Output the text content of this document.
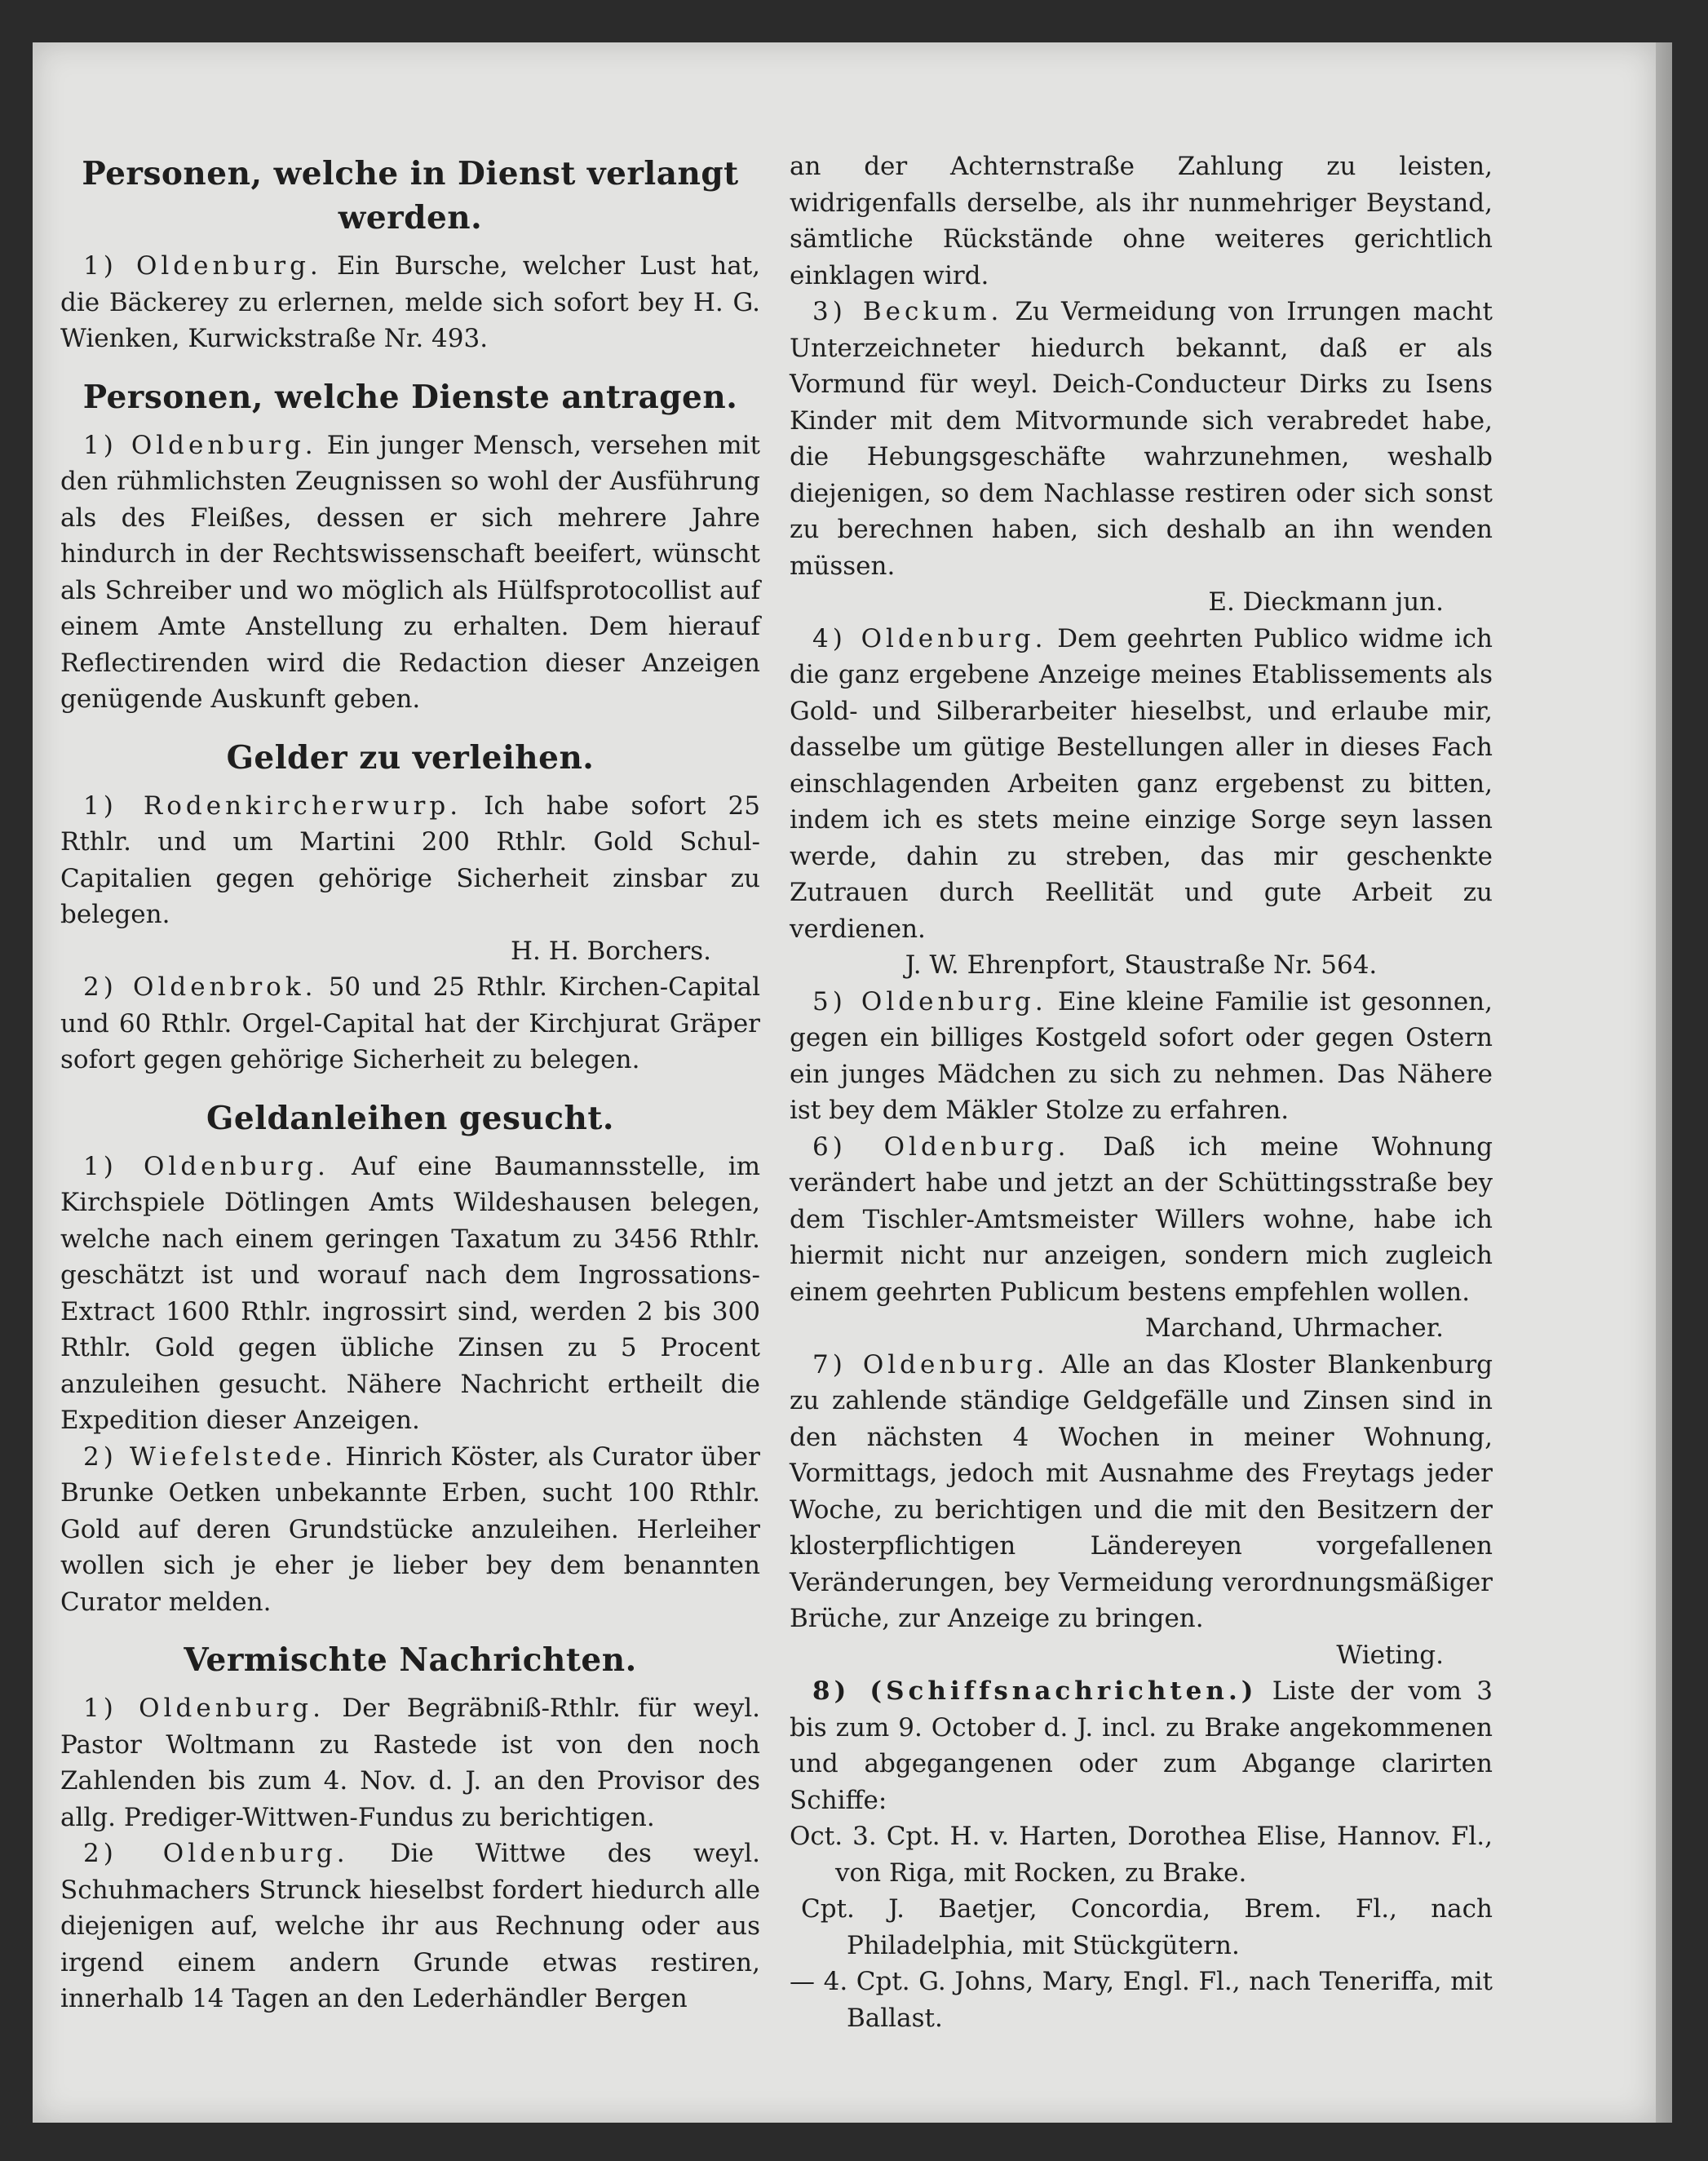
Personen, welche in Dienst verlangt werden.

1) Oldenburg. Ein Bursche, welcher Lust hat, die Bäckerey zu erlernen, melde sich sofort bey H. G. Wienken, Kurwickstraße Nr. 493.

Personen, welche Dienste antragen.

1) Oldenburg. Ein junger Mensch, versehen mit den rühmlichsten Zeugnissen so wohl der Ausführung als des Fleißes, dessen er sich mehrere Jahre hindurch in der Rechtswissenschaft beeifert, wünscht als Schreiber und wo möglich als Hülfsprotocollist auf einem Amte Anstellung zu erhalten. Dem hierauf Reflectirenden wird die Redaction dieser Anzeigen genügende Auskunft geben.

Gelder zu verleihen.

1) Rodenkircherwurp. Ich habe sofort 25 Rthlr. und um Martini 200 Rthlr. Gold Schul-Capitalien gegen gehörige Sicherheit zinsbar zu belegen.

H. H. Borchers.

2) Oldenbrok. 50 und 25 Rthlr. Kirchen-Capital und 60 Rthlr. Orgel-Capital hat der Kirchjurat Gräper sofort gegen gehörige Sicherheit zu belegen.

Geldanleihen gesucht.

1) Oldenburg. Auf eine Baumannsstelle, im Kirchspiele Dötlingen Amts Wildeshausen belegen, welche nach einem geringen Taxatum zu 3456 Rthlr. geschätzt ist und worauf nach dem Ingrossations-Extract 1600 Rthlr. ingrossirt sind, werden 2 bis 300 Rthlr. Gold gegen übliche Zinsen zu 5 Procent anzuleihen gesucht. Nähere Nachricht ertheilt die Expedition dieser Anzeigen.

2) Wiefelstede. Hinrich Köster, als Curator über Brunke Oetken unbekannte Erben, sucht 100 Rthlr. Gold auf deren Grundstücke anzuleihen. Herleiher wollen sich je eher je lieber bey dem benannten Curator melden.

Vermischte Nachrichten.

1) Oldenburg. Der Begräbniß-Rthlr. für weyl. Pastor Woltmann zu Rastede ist von den noch Zahlenden bis zum 4. Nov. d. J. an den Provisor des allg. Prediger-Wittwen-Fundus zu berichtigen.

2) Oldenburg. Die Wittwe des weyl. Schuhmachers Strunck hieselbst fordert hiedurch alle diejenigen auf, welche ihr aus Rechnung oder aus irgend einem andern Grunde etwas restiren, innerhalb 14 Tagen an den Lederhändler Bergen

an der Achternstraße Zahlung zu leisten, widrigenfalls derselbe, als ihr nunmehriger Beystand, sämtliche Rückstände ohne weiteres gerichtlich einklagen wird.

3) Beckum. Zu Vermeidung von Irrungen macht Unterzeichneter hiedurch bekannt, daß er als Vormund für weyl. Deich-Conducteur Dirks zu Isens Kinder mit dem Mitvormunde sich verabredet habe, die Hebungsgeschäfte wahrzunehmen, weshalb diejenigen, so dem Nachlasse restiren oder sich sonst zu berechnen haben, sich deshalb an ihn wenden müssen.

E. Dieckmann jun.

4) Oldenburg. Dem geehrten Publico widme ich die ganz ergebene Anzeige meines Etablissements als Gold- und Silberarbeiter hieselbst, und erlaube mir, dasselbe um gütige Bestellungen aller in dieses Fach einschlagenden Arbeiten ganz ergebenst zu bitten, indem ich es stets meine einzige Sorge seyn lassen werde, dahin zu streben, das mir geschenkte Zutrauen durch Reellität und gute Arbeit zu verdienen.

J. W. Ehrenpfort, Staustraße Nr. 564.

5) Oldenburg. Eine kleine Familie ist gesonnen, gegen ein billiges Kostgeld sofort oder gegen Ostern ein junges Mädchen zu sich zu nehmen. Das Nähere ist bey dem Mäkler Stolze zu erfahren.

6) Oldenburg. Daß ich meine Wohnung verändert habe und jetzt an der Schüttingsstraße bey dem Tischler-Amtsmeister Willers wohne, habe ich hiermit nicht nur anzeigen, sondern mich zugleich einem geehrten Publicum bestens empfehlen wollen.

Marchand, Uhrmacher.

7) Oldenburg. Alle an das Kloster Blankenburg zu zahlende ständige Geldgefälle und Zinsen sind in den nächsten 4 Wochen in meiner Wohnung, Vormittags, jedoch mit Ausnahme des Freytags jeder Woche, zu berichtigen und die mit den Besitzern der klosterpflichtigen Ländereyen vorgefallenen Veränderungen, bey Vermeidung verordnungsmäßiger Brüche, zur Anzeige zu bringen.

Wieting.

8) (Schiffsnachrichten.) Liste der vom 3 bis zum 9. October d. J. incl. zu Brake angekommenen und abgegangenen oder zum Abgange clarirten Schiffe:

Oct. 3. Cpt. H. v. Harten, Dorothea Elise, Hannov. Fl., von Riga, mit Rocken, zu Brake.

Cpt. J. Baetjer, Concordia, Brem. Fl., nach Philadelphia, mit Stückgütern.

— 4. Cpt. G. Johns, Mary, Engl. Fl., nach Teneriffa, mit Ballast.
